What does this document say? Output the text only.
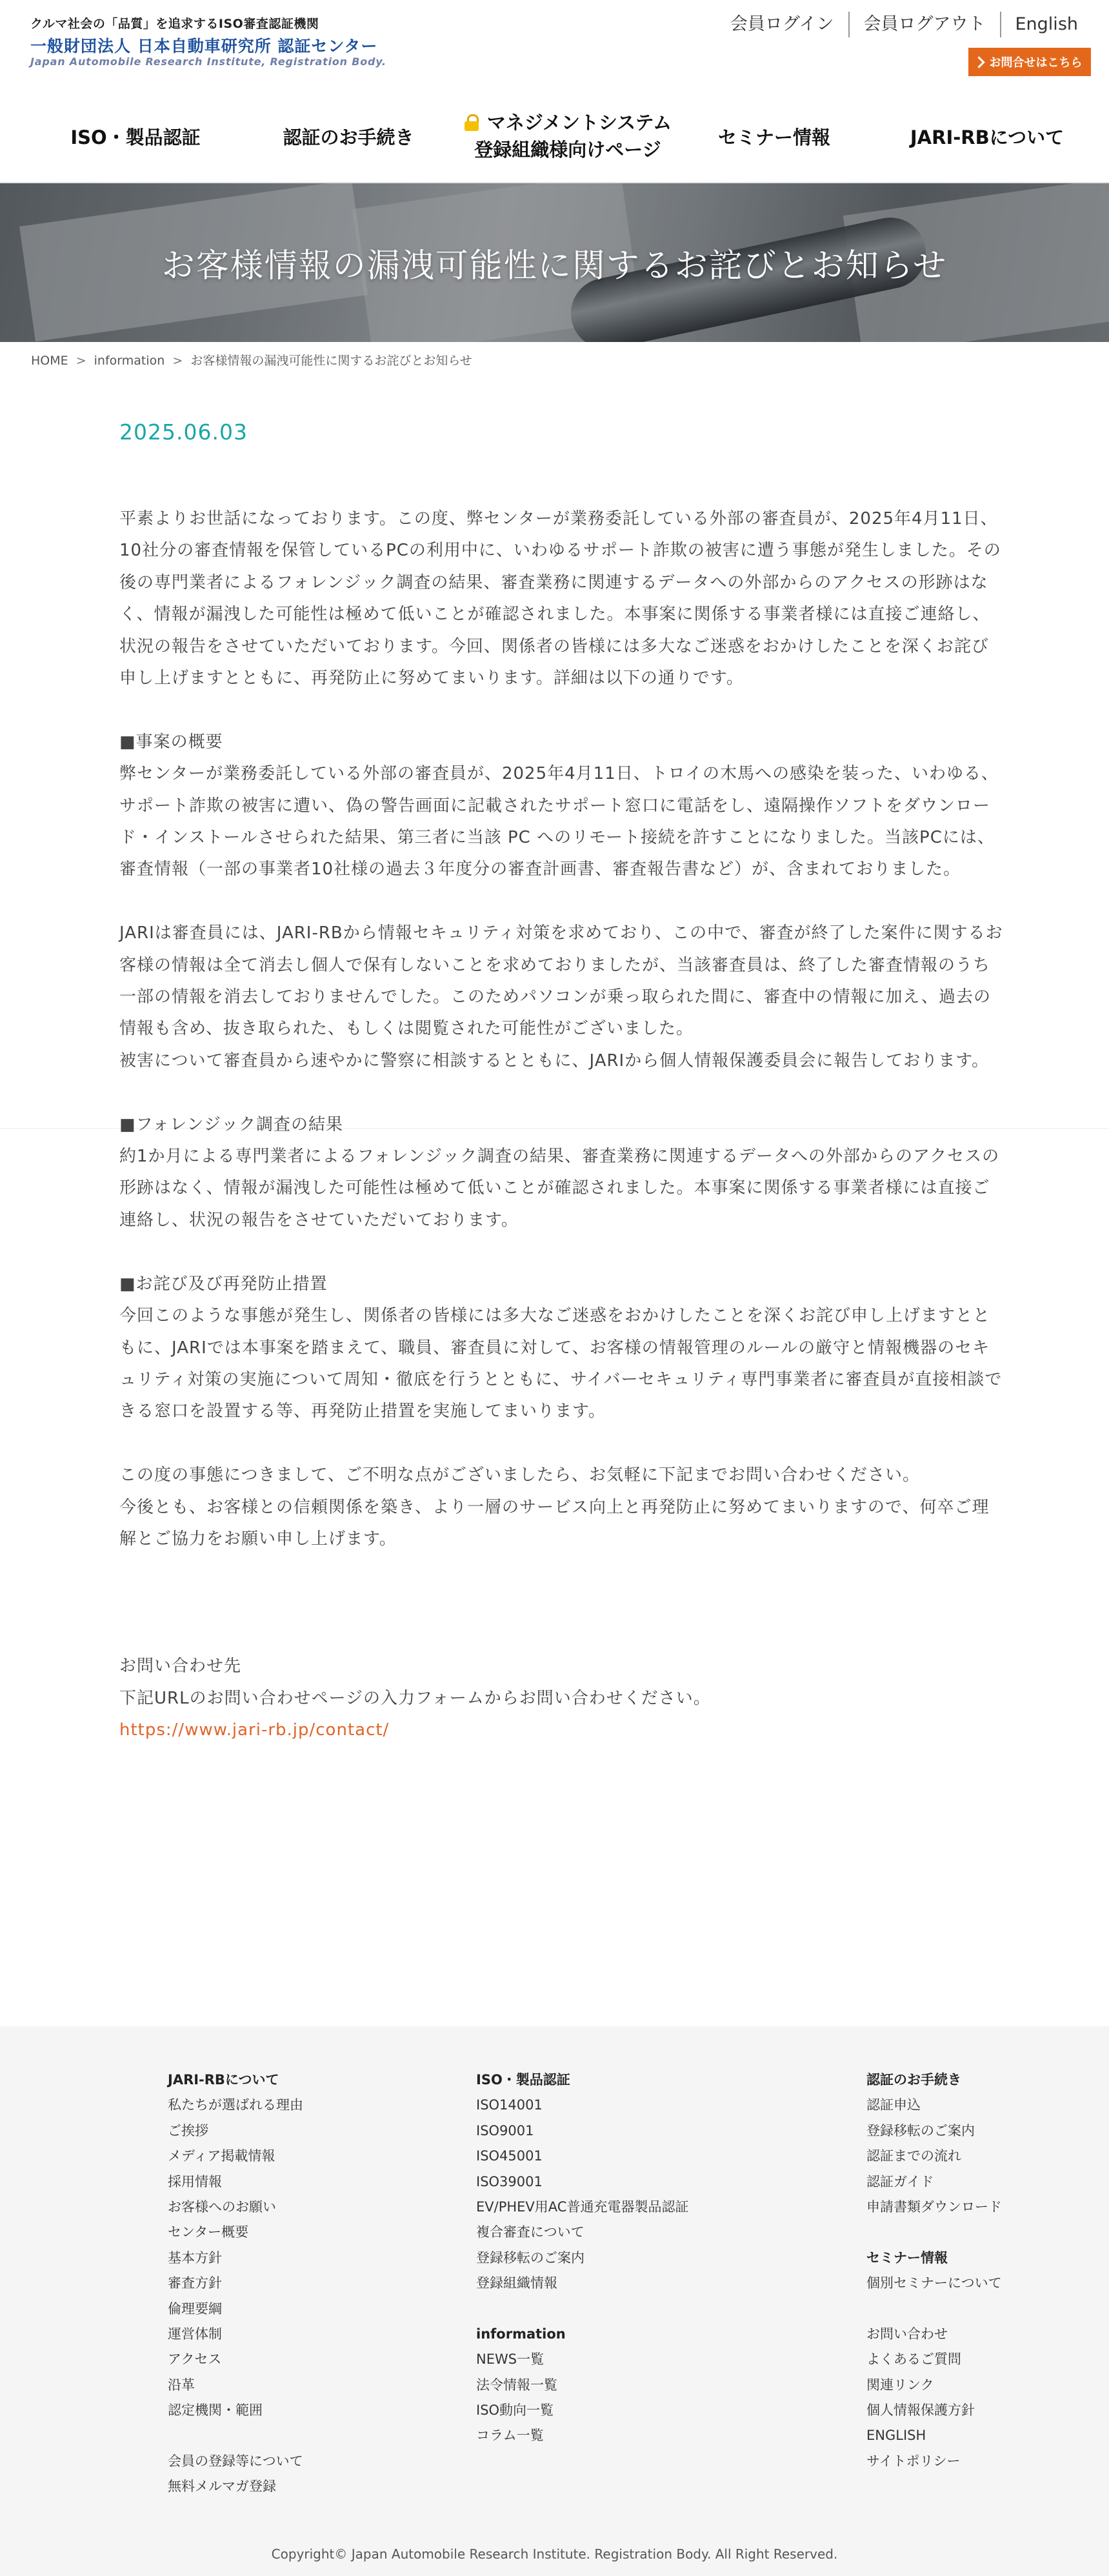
クルマ社会の「品質」を追求するISO審査認証機関
一般財団法人 日本自動車研究所 認証センター
Japan Automobile Research Institute, Registration Body.
会員ログイン	会員ログアウト	English
お問合せはこちら
ISO・製品認証	認証のお手続き
マネジメントシステム
登録組織様向けページ
セミナー情報	JARI-RBについて
お客様情報の漏洩可能性に関するお詫びとお知らせ
HOME > information > お客様情報の漏洩可能性に関するお詫びとお知らせ
2025.06.03

平素よりお世話になっております。この度、弊センターが業務委託している外部の審査員が、2025年4月11日、10社分の審査情報を保管しているPCの利用中に、いわゆるサポート詐欺の被害に遭う事態が発生しました。その後の専門業者によるフォレンジック調査の結果、審査業務に関連するデータへの外部からのアクセスの形跡はなく、情報が漏洩した可能性は極めて低いことが確認されました。本事案に関係する事業者様には直接ご連絡し、状況の報告をさせていただいております。今回、関係者の皆様には多大なご迷惑をおかけしたことを深くお詫び申し上げますとともに、再発防止に努めてまいります。詳細は以下の通りです。

■事案の概要

弊センターが業務委託している外部の審査員が、2025年4月11日、トロイの木馬への感染を装った、いわゆる、サポート詐欺の被害に遭い、偽の警告画面に記載されたサポート窓口に電話をし、遠隔操作ソフトをダウンロード・インストールさせられた結果、第三者に当該 PC へのリモート接続を許すことになりました。当該PCには、審査情報（一部の事業者10社様の過去３年度分の審査計画書、審査報告書など）が、含まれておりました。

JARIは審査員には、JARI-RBから情報セキュリティ対策を求めており、この中で、審査が終了した案件に関するお客様の情報は全て消去し個人で保有しないことを求めておりましたが、当該審査員は、終了した審査情報のうち一部の情報を消去しておりませんでした。このためパソコンが乗っ取られた間に、審査中の情報に加え、過去の情報も含め、抜き取られた、もしくは閲覧された可能性がございました。

被害について審査員から速やかに警察に相談するとともに、JARIから個人情報保護委員会に報告しております。

■フォレンジック調査の結果

約1か月による専門業者によるフォレンジック調査の結果、審査業務に関連するデータへの外部からのアクセスの形跡はなく、情報が漏洩した可能性は極めて低いことが確認されました。本事案に関係する事業者様には直接ご連絡し、状況の報告をさせていただいております。

■お詫び及び再発防止措置

今回このような事態が発生し、関係者の皆様には多大なご迷惑をおかけしたことを深くお詫び申し上げますとともに、JARIでは本事案を踏まえて、職員、審査員に対して、お客様の情報管理のルールの厳守と情報機器のセキュリティ対策の実施について周知・徹底を行うとともに、サイバーセキュリティ専門事業者に審査員が直接相談できる窓口を設置する等、再発防止措置を実施してまいります。

この度の事態につきまして、ご不明な点がございましたら、お気軽に下記までお問い合わせください。

今後とも、お客様との信頼関係を築き、より一層のサービス向上と再発防止に努めてまいりますので、何卒ご理解とご協力をお願い申し上げます。

お問い合わせ先

下記URLのお問い合わせページの入力フォームからお問い合わせください。

https://www.jari-rb.jp/contact/

JARI-RBについて
私たちが選ばれる理由
ご挨拶
メディア掲載情報
採用情報
お客様へのお願い
センター概要
基本方針
審査方針
倫理要綱
運営体制
アクセス
沿革
認定機関・範囲
会員の登録等について
無料メルマガ登録
ISO・製品認証
ISO14001
ISO9001
ISO45001
ISO39001
EV/PHEV用AC普通充電器製品認証
複合審査について
登録移転のご案内
登録組織情報
information
NEWS一覧
法令情報一覧
ISO動向一覧
コラム一覧
認証のお手続き
認証申込
登録移転のご案内
認証までの流れ
認証ガイド
申請書類ダウンロード
セミナー情報
個別セミナーについて
お問い合わせ
よくあるご質問
関連リンク
個人情報保護方針
ENGLISH
サイトポリシー
Copyright© Japan Automobile Research Institute. Registration Body. All Right Reserved.
